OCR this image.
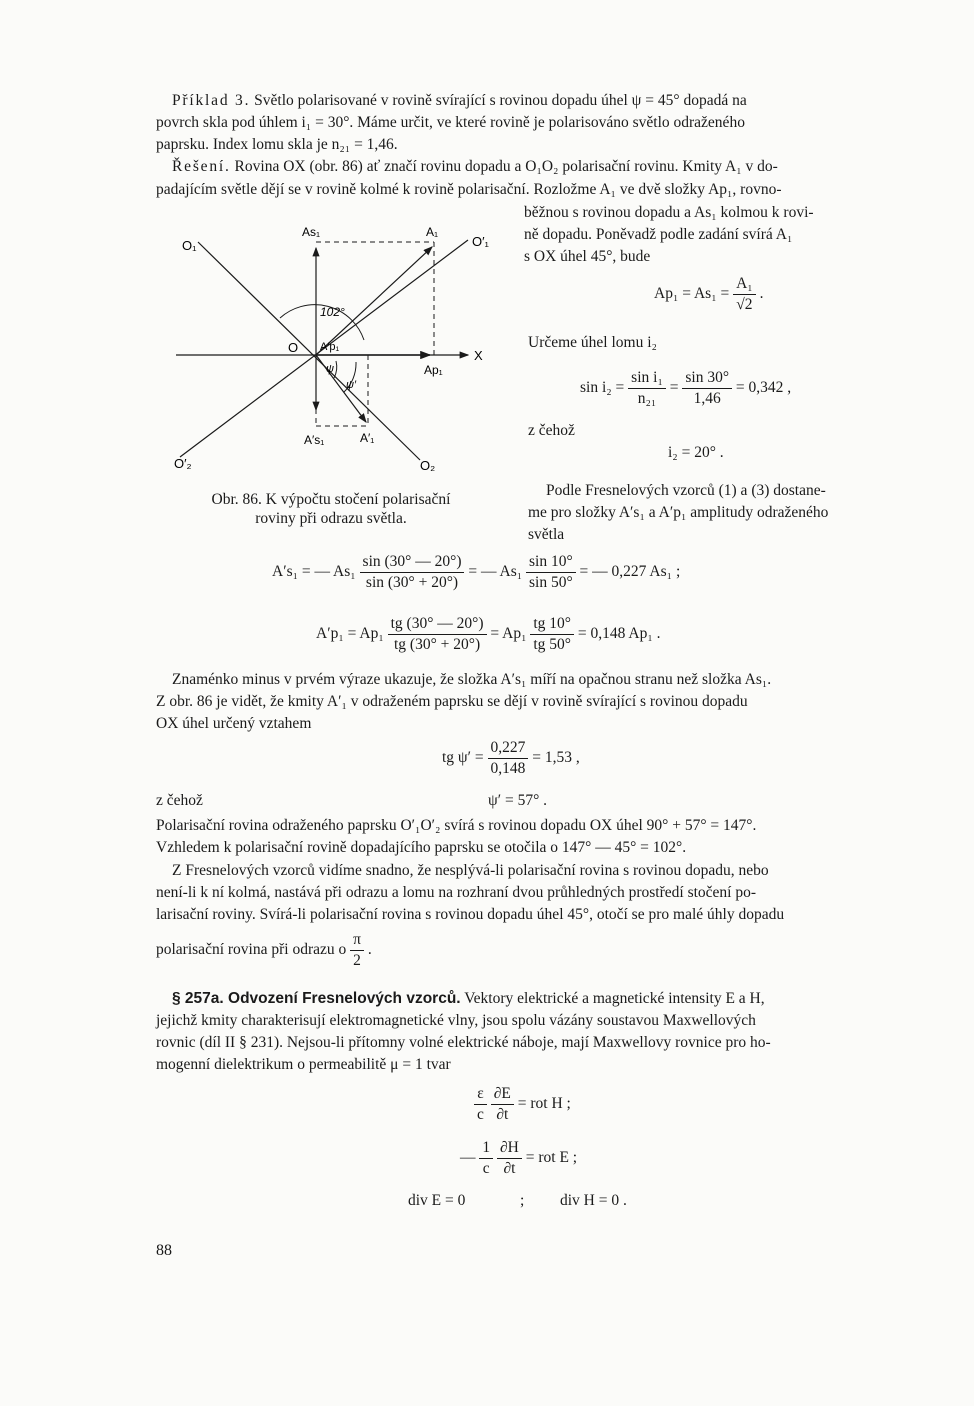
Příklad 3. Světlo polarisované v rovině svírající s rovinou dopadu úhel ψ = 45° dopadá na
povrch skla pod úhlem i₁ = 30°. Máme určit, ve které rovině je polarisováno světlo odraženého
paprsku. Index lomu skla je n₂₁ = 1,46.
Řešení. Rovina OX (obr. 86) ať značí rovinu dopadu a O₁O₂ polarisační rovinu. Kmity A₁ v do-
padajícím světle dějí se v rovině kolmé k rovině polarisační. Rozložme A₁ ve dvě složky Ap₁, rovno-
O₁	O′₁
O′₂	O₂
O
X
As₁	A₁
A′p₁
Ap₁
A′s₁	A′₁
102°
ψ
ψ′
Obr. 86. K výpočtu stočení polarisační
roviny při odrazu světla.
běžnou s rovinou dopadu a As₁ kolmou k rovi-
ně dopadu. Poněvadž podle zadání svírá A₁
s OX úhel 45°, bude
$Ap_1 = As_1 = \frac{\text{A₁}}{√2}$ .
Určeme úhel lomu i₂
$\sin i_2 = \frac{\text{sin i₁}}{\text{n₂₁}} = \frac{\sin 30^\circ}{1,46} = 0,342$ ,
z čehož
i₂ = 20° .
Podle Fresnelových vzorců (1) a (3) dostane-
me pro složky A′s₁ a A′p₁ amplitudy odraženého
světla
A′s₁ = — $As_1 \frac{\sin (30^\circ — 20^\circ)}{\sin (30^\circ + 20^\circ)}$ = — $As_1 \frac{\sin 10^\circ}{\sin 50^\circ}$ = — 0,227 As₁ ;
$A'p_1 = Ap_1 \frac{tg (30^\circ — 20^\circ)}{tg (30^\circ + 20^\circ)} = Ap_1 \frac{tg 10^\circ}{tg 50^\circ} = 0,148$ Ap₁ .
Znaménko minus v prvém výraze ukazuje, že složka A′s₁ míří na opačnou stranu než složka As₁.
Z obr. 86 je vidět, že kmity A′₁ v odraženém paprsku se dějí v rovině svírající s rovinou dopadu
OX úhel určený vztahem
tg $\psi' = \frac{0,227}{0,148} = 1,53$ ,
z čehož	ψ′ = 57° .
Polarisační rovina odraženého paprsku O′₁O′₂ svírá s rovinou dopadu OX úhel 90° + 57° = 147°.
Vzhledem k polarisační rovině dopadajícího paprsku se otočila o 147° — 45° = 102°.
Z Fresnelových vzorců vidíme snadno, že nesplývá-li polarisační rovina s rovinou dopadu, nebo
není-li k ní kolmá, nastává při odrazu a lomu na rozhraní dvou průhledných prostředí stočení po-
larisační roviny. Svírá-li polarisační rovina s rovinou dopadu úhel 45°, otočí se pro malé úhly dopadu
polarisační rovina při odrazu o $\frac{\pi}{2}$ .
§ 257a. Odvození Fresnelových vzorců. Vektory elektrické a magnetické intensity E a H,
jejichž kmity charakterisují elektromagnetické vlny, jsou spolu vázány soustavou Maxwellových
rovnic (díl II § 231). Nejsou-li přítomny volné elektrické náboje, mají Maxwellovy rovnice pro ho-
mogenní dielektrikum o permeabilitě μ = 1 tvar
$\frac{\varepsilon}{c}$
$\frac{\partial E}{\partial t}$ = rot H ;
— $\frac{1}{c}$
$\frac{\partial H}{\partial t}$ = rot E ;
div E = 0	; div H = 0 .
88
